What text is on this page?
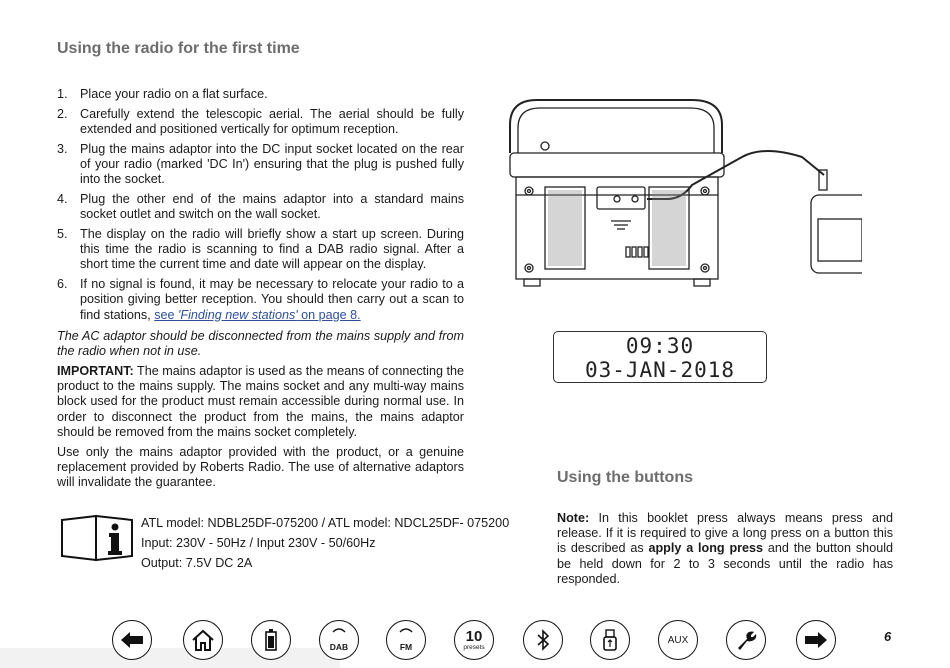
Using the radio for the first time
1. Place your radio on a flat surface.
2. Carefully extend the telescopic aerial. The aerial should be fully extended and positioned vertically for optimum reception.
3. Plug the mains adaptor into the DC input socket located on the rear of your radio (marked 'DC In') ensuring that the plug is pushed fully into the socket.
4. Plug the other end of the mains adaptor into a standard mains socket outlet and switch on the wall socket.
5. The display on the radio will briefly show a start up screen. During this time the radio is scanning to find a DAB radio signal. After a short time the current time and date will appear on the display.
6. If no signal is found, it may be necessary to relocate your radio to a position giving better reception. You should then carry out a scan to find stations, see 'Finding new stations' on page 8.

The AC adaptor should be disconnected from the mains supply and from the radio when not in use.

IMPORTANT: The mains adaptor is used as the means of connecting the product to the mains supply. The mains socket and any multi-way mains block used for the product must remain accessible during normal use. In order to disconnect the product from the mains, the mains adaptor should be removed from the mains socket completely.

Use only the mains adaptor provided with the product, or a genuine replacement provided by Roberts Radio. The use of alternative adaptors will invalidate the guarantee.

09:30
03-JAN-2018
Using the buttons

Note: In this booklet press always means press and release. If it is required to give a long press on a button this is described as apply a long press and the button should be held down for 2 to 3 seconds until the radio has responded.

ATL model: NDBL25DF-075200 / ATL model: NDCL25DF- 075200
Input: 230V - 50Hz / Input 230V - 50/60Hz
Output: 7.5V DC 2A
DAB	FM
10
presets
AUX	6
